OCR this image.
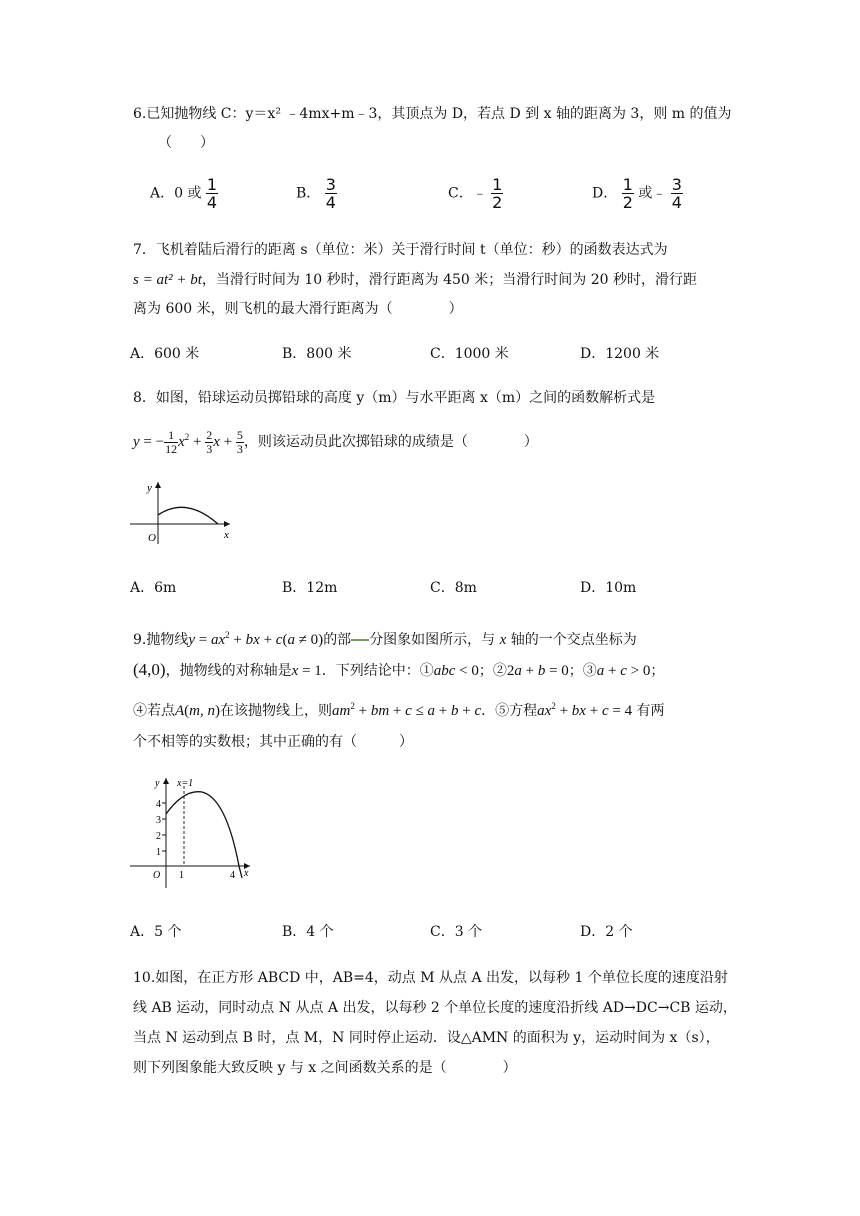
6.已知抛物线 C：y＝x² ﹣4mx+m﹣3，其顶点为 D，若点 D 到 x 轴的距离为 3，则 m 的值为
（　　）
A．0 或 $\frac{1}{4}$	B． $\frac{3}{4}$	C．﹣ $\frac{1}{2}$	D． $\frac{1}{2}$ 或﹣ $\frac{3}{4}$
7．飞机着陆后滑行的距离 s（单位：米）关于滑行时间 t（单位：秒）的函数表达式为
s = at² + bt，当滑行时间为 10 秒时，滑行距离为 450 米；当滑行时间为 20 秒时，滑行距
离为 600 米，则飞机的最大滑行距离为（　　　　）
A．600 米	B．800 米	C．1000 米	D．1200 米
8．如图，铅球运动员掷铅球的高度 y（m）与水平距离 x（m）之间的函数解析式是
y = − $\frac{1}{12} x^2 + \frac{2}{3}$ $x + \frac{5}{3}$ ，则该运动员此次掷铅球的成绩是（　　　　）
y
x
O
A．6m	B．12m	C．8m	D．10m
9.抛物线$y = ax^2$ + bx + c(a ≠ 0)的部 分图象如图所示，与 x 轴的一个交点坐标为
(4,0)，抛物线的对称轴是x = 1．下列结论中：①abc < 0；②2a + b = 0；③a + c > 0；
④若点A(m, n)在该抛物线上，则$am^2$ + bm + c ≤ a + b + c．⑤方程$ax^2$ + bx + c = 4 有两
个不相等的实数根；其中正确的有（　　　）
y x=1
4
3
2
1
O 1	4 x
A．5 个	B．4 个	C．3 个	D．2 个
10.如图，在正方形 ABCD 中，AB=4，动点 M 从点 A 出发，以每秒 1 个单位长度的速度沿射
线 AB 运动，同时动点 N 从点 A 出发，以每秒 2 个单位长度的速度沿折线 AD→DC→CB 运动，
当点 N 运动到点 B 时，点 M，N 同时停止运动．设△AMN 的面积为 y，运动时间为 x（s），
则下列图象能大致反映 y 与 x 之间函数关系的是（　　　　）
